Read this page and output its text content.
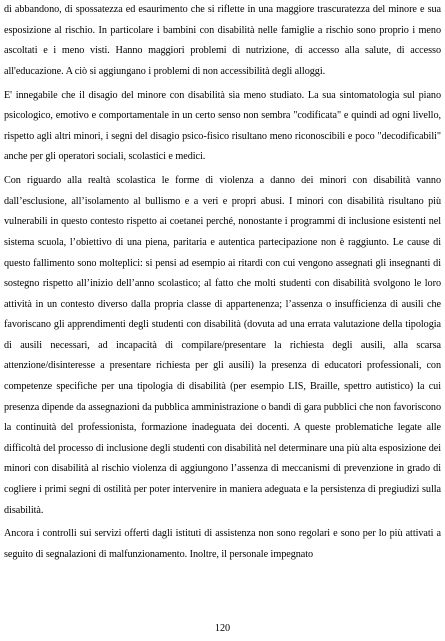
di abbandono, di spossatezza ed esaurimento che si riflette in una maggiore trascuratezza del minore e sua esposizione al rischio. In particolare i bambini con disabilità nelle famiglie a rischio sono proprio i meno ascoltati e i meno visti. Hanno maggiori problemi di nutrizione, di accesso alla salute, di accesso all'educazione. A ciò si aggiungano i problemi di non accessibilità degli alloggi.

E' innegabile che il disagio del minore con disabilità sia meno studiato. La sua sintomatologia sul piano psicologico, emotivo e comportamentale in un certo senso non sembra "codificata" e quindi ad ogni livello, rispetto agli altri minori, i segni del disagio psico-fisico risultano meno riconoscibili e poco "decodificabili" anche per gli operatori sociali, scolastici e medici.

Con riguardo alla realtà scolastica le forme di violenza a danno dei minori con disabilità vanno dall’esclusione, all’isolamento al bullismo e a veri e propri abusi. I minori con disabilità risultano più vulnerabili in questo contesto rispetto ai coetanei perché, nonostante i programmi di inclusione esistenti nel sistema scuola, l’obiettivo di una piena, paritaria e autentica partecipazione non è raggiunto. Le cause di questo fallimento sono molteplici: si pensi ad esempio ai ritardi con cui vengono assegnati gli insegnanti di sostegno rispetto all’inizio dell’anno scolastico; al fatto che molti studenti con disabilità svolgono le loro attività in un contesto diverso dalla propria classe di appartenenza; l’assenza o insufficienza di ausili che favoriscano gli apprendimenti degli studenti con disabilità (dovuta ad una errata valutazione della tipologia di ausili necessari, ad incapacità di compilare/presentare la richiesta degli ausili, alla scarsa attenzione/disinteresse a presentare richiesta per gli ausili) la presenza di educatori professionali, con competenze specifiche per una tipologia di disabilità (per esempio LIS, Braille, spettro autistico) la cui presenza dipende da assegnazioni da pubblica amministrazione o bandi di gara pubblici che non favoriscono la continuità del professionista, formazione inadeguata dei docenti. A queste problematiche legate alle difficoltà del processo di inclusione degli studenti con disabilità nel determinare una più alta esposizione dei minori con disabilità al rischio violenza di aggiungono l’assenza di meccanismi di prevenzione in grado di cogliere i primi segni di ostilità per poter intervenire in maniera adeguata e la persistenza di pregiudizi sulla disabilità.

Ancora i controlli sui servizi offerti dagli istituti di assistenza non sono regolari e sono per lo più attivati a seguito di segnalazioni di malfunzionamento. Inoltre, il personale impegnato

120
